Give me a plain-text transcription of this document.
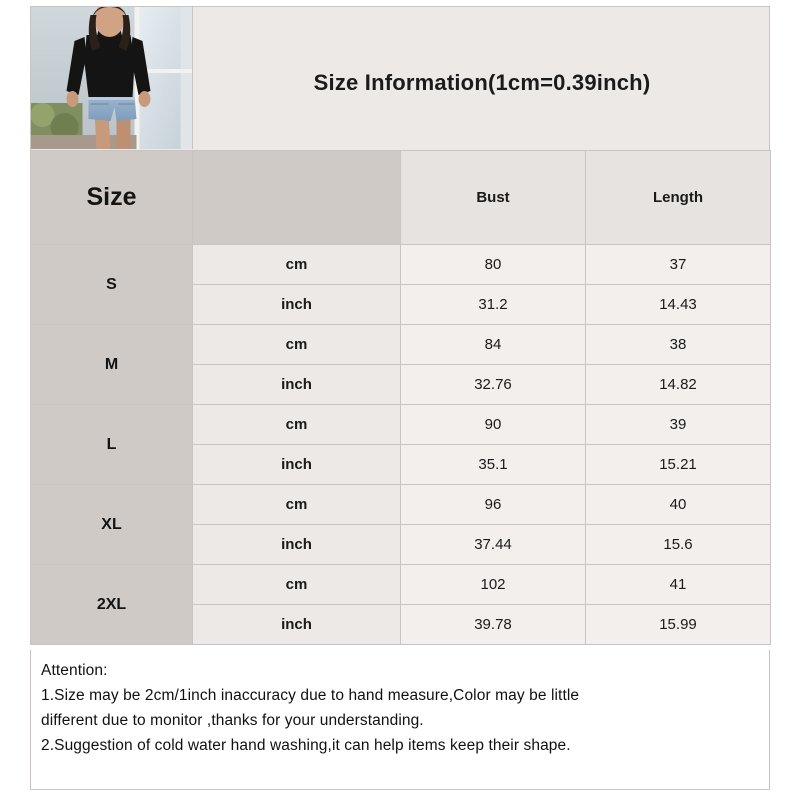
Size Information(1cm=0.39inch)
Size		Bust	Length
S	cm	80	37
	inch	31.2	14.43
M	cm	84	38
	inch	32.76	14.82
L	cm	90	39
	inch	35.1	15.21
XL	cm	96	40
	inch	37.44	15.6
2XL	cm	102	41
	inch	39.78	15.99
Attention:
1.Size may be 2cm/1inch inaccuracy due to hand measure,Color may be little
different due to monitor ,thanks for your understanding.
2.Suggestion of cold water hand washing,it can help items keep their shape.
